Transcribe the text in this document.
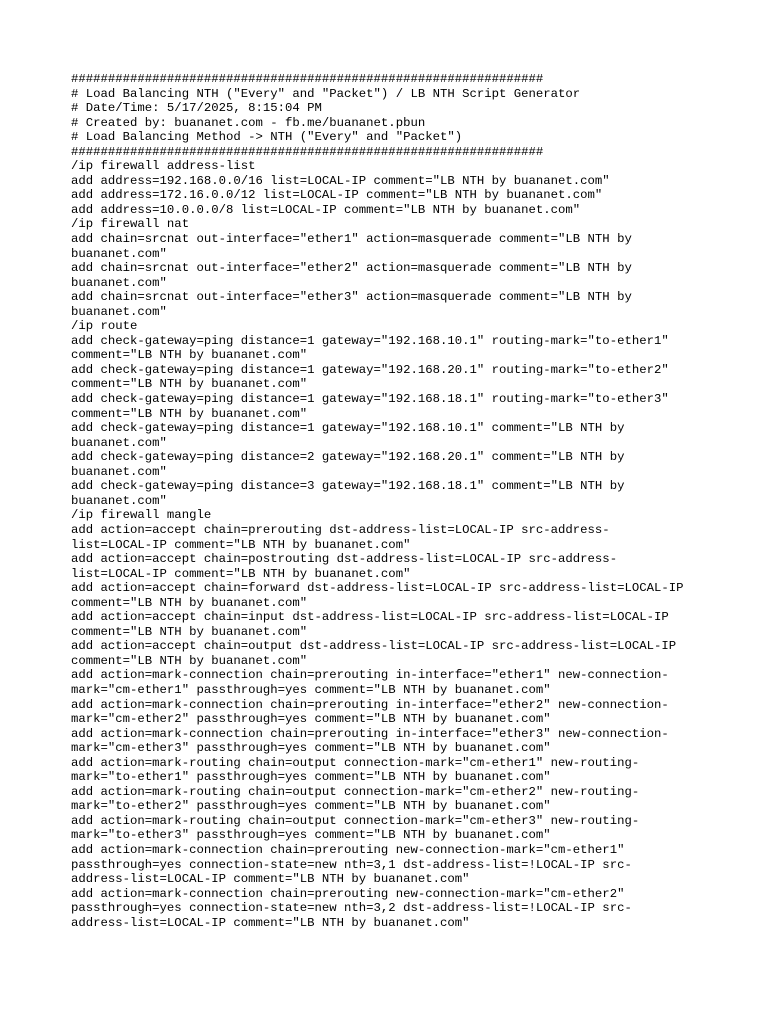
################################################################
# Load Balancing NTH ("Every" and "Packet") / LB NTH Script Generator
# Date/Time: 5/17/2025, 8:15:04 PM
# Created by: buananet.com - fb.me/buananet.pbun
# Load Balancing Method -> NTH ("Every" and "Packet")
################################################################
/ip firewall address-list
add address=192.168.0.0/16 list=LOCAL-IP comment="LB NTH by buananet.com"
add address=172.16.0.0/12 list=LOCAL-IP comment="LB NTH by buananet.com"
add address=10.0.0.0/8 list=LOCAL-IP comment="LB NTH by buananet.com"
/ip firewall nat
add chain=srcnat out-interface="ether1" action=masquerade comment="LB NTH by
buananet.com"
add chain=srcnat out-interface="ether2" action=masquerade comment="LB NTH by
buananet.com"
add chain=srcnat out-interface="ether3" action=masquerade comment="LB NTH by
buananet.com"
/ip route
add check-gateway=ping distance=1 gateway="192.168.10.1" routing-mark="to-ether1"
comment="LB NTH by buananet.com"
add check-gateway=ping distance=1 gateway="192.168.20.1" routing-mark="to-ether2"
comment="LB NTH by buananet.com"
add check-gateway=ping distance=1 gateway="192.168.18.1" routing-mark="to-ether3"
comment="LB NTH by buananet.com"
add check-gateway=ping distance=1 gateway="192.168.10.1" comment="LB NTH by
buananet.com"
add check-gateway=ping distance=2 gateway="192.168.20.1" comment="LB NTH by
buananet.com"
add check-gateway=ping distance=3 gateway="192.168.18.1" comment="LB NTH by
buananet.com"
/ip firewall mangle
add action=accept chain=prerouting dst-address-list=LOCAL-IP src-address-
list=LOCAL-IP comment="LB NTH by buananet.com"
add action=accept chain=postrouting dst-address-list=LOCAL-IP src-address-
list=LOCAL-IP comment="LB NTH by buananet.com"
add action=accept chain=forward dst-address-list=LOCAL-IP src-address-list=LOCAL-IP
comment="LB NTH by buananet.com"
add action=accept chain=input dst-address-list=LOCAL-IP src-address-list=LOCAL-IP
comment="LB NTH by buananet.com"
add action=accept chain=output dst-address-list=LOCAL-IP src-address-list=LOCAL-IP
comment="LB NTH by buananet.com"
add action=mark-connection chain=prerouting in-interface="ether1" new-connection-
mark="cm-ether1" passthrough=yes comment="LB NTH by buananet.com"
add action=mark-connection chain=prerouting in-interface="ether2" new-connection-
mark="cm-ether2" passthrough=yes comment="LB NTH by buananet.com"
add action=mark-connection chain=prerouting in-interface="ether3" new-connection-
mark="cm-ether3" passthrough=yes comment="LB NTH by buananet.com"
add action=mark-routing chain=output connection-mark="cm-ether1" new-routing-
mark="to-ether1" passthrough=yes comment="LB NTH by buananet.com"
add action=mark-routing chain=output connection-mark="cm-ether2" new-routing-
mark="to-ether2" passthrough=yes comment="LB NTH by buananet.com"
add action=mark-routing chain=output connection-mark="cm-ether3" new-routing-
mark="to-ether3" passthrough=yes comment="LB NTH by buananet.com"
add action=mark-connection chain=prerouting new-connection-mark="cm-ether1"
passthrough=yes connection-state=new nth=3,1 dst-address-list=!LOCAL-IP src-
address-list=LOCAL-IP comment="LB NTH by buananet.com"
add action=mark-connection chain=prerouting new-connection-mark="cm-ether2"
passthrough=yes connection-state=new nth=3,2 dst-address-list=!LOCAL-IP src-
address-list=LOCAL-IP comment="LB NTH by buananet.com"
